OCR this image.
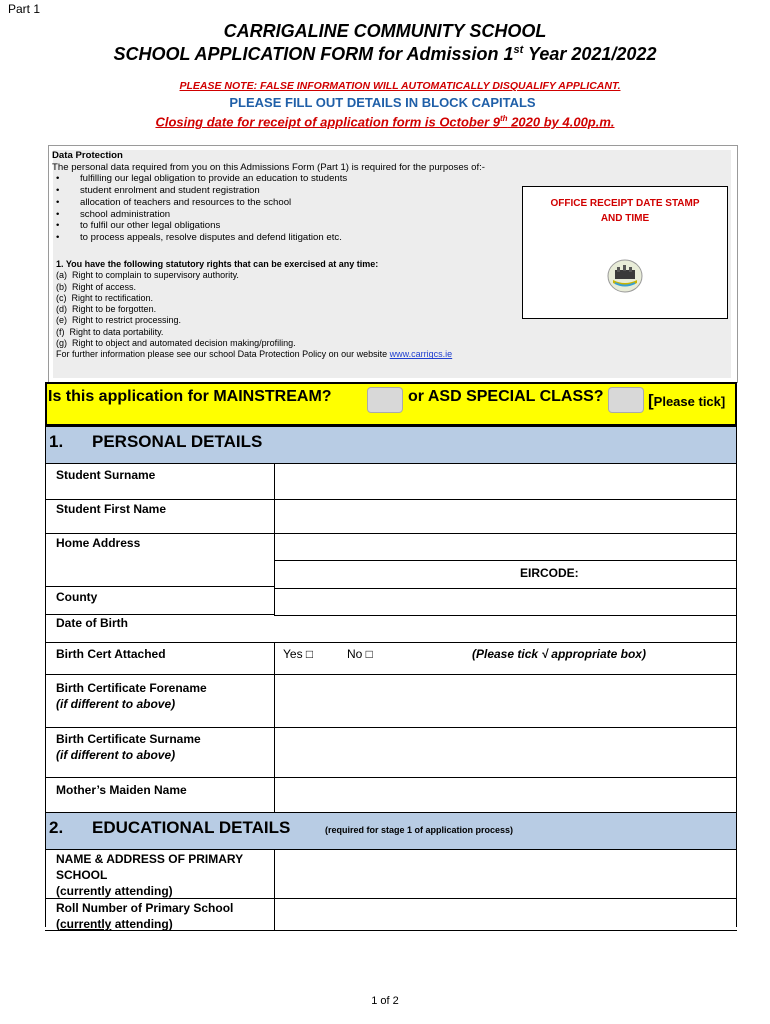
Part 1
CARRIGALINE COMMUNITY SCHOOL
SCHOOL APPLICATION FORM for Admission 1st Year 2021/2022
PLEASE NOTE: FALSE INFORMATION WILL AUTOMATICALLY DISQUALIFY APPLICANT.
PLEASE FILL OUT DETAILS IN BLOCK CAPITALS
Closing date for receipt of application form is October 9th 2020 by 4.00p.m.
Data Protection
The personal data required from you on this Admissions Form (Part 1) is required for the purposes of:-
•	fulfilling our legal obligation to provide an education to students
•	student enrolment and student registration
•	allocation of teachers and resources to the school
•	school administration
•	to fulfil our other legal obligations
•	to process appeals, resolve disputes and defend litigation etc.
1. You have the following statutory rights that can be exercised at any time:
(a) Right to complain to supervisory authority.
(b) Right of access.
(c) Right to rectification.
(d) Right to be forgotten.
(e) Right to restrict processing.
(f) Right to data portability.
(g) Right to object and automated decision making/profiling.
For further information please see our school Data Protection Policy on our website www.carrigcs.ie
OFFICE RECEIPT DATE STAMP
AND TIME
Is this application for MAINSTREAM?	or ASD SPECIAL CLASS?	[Please tick]
1. PERSONAL DETAILS
Student Surname
Student First Name
Home Address
EIRCODE:
County
Date of Birth
Birth Cert Attached	Yes □	No □	(Please tick √ appropriate box)
Birth Certificate Forename
(if different to above)
Birth Certificate Surname
(if different to above)
Mother’s Maiden Name
2. EDUCATIONAL DETAILS	(required for stage 1 of application process)
NAME & ADDRESS OF PRIMARY
SCHOOL
(currently attending)
Roll Number of Primary School
(currently attending)
1 of 2
